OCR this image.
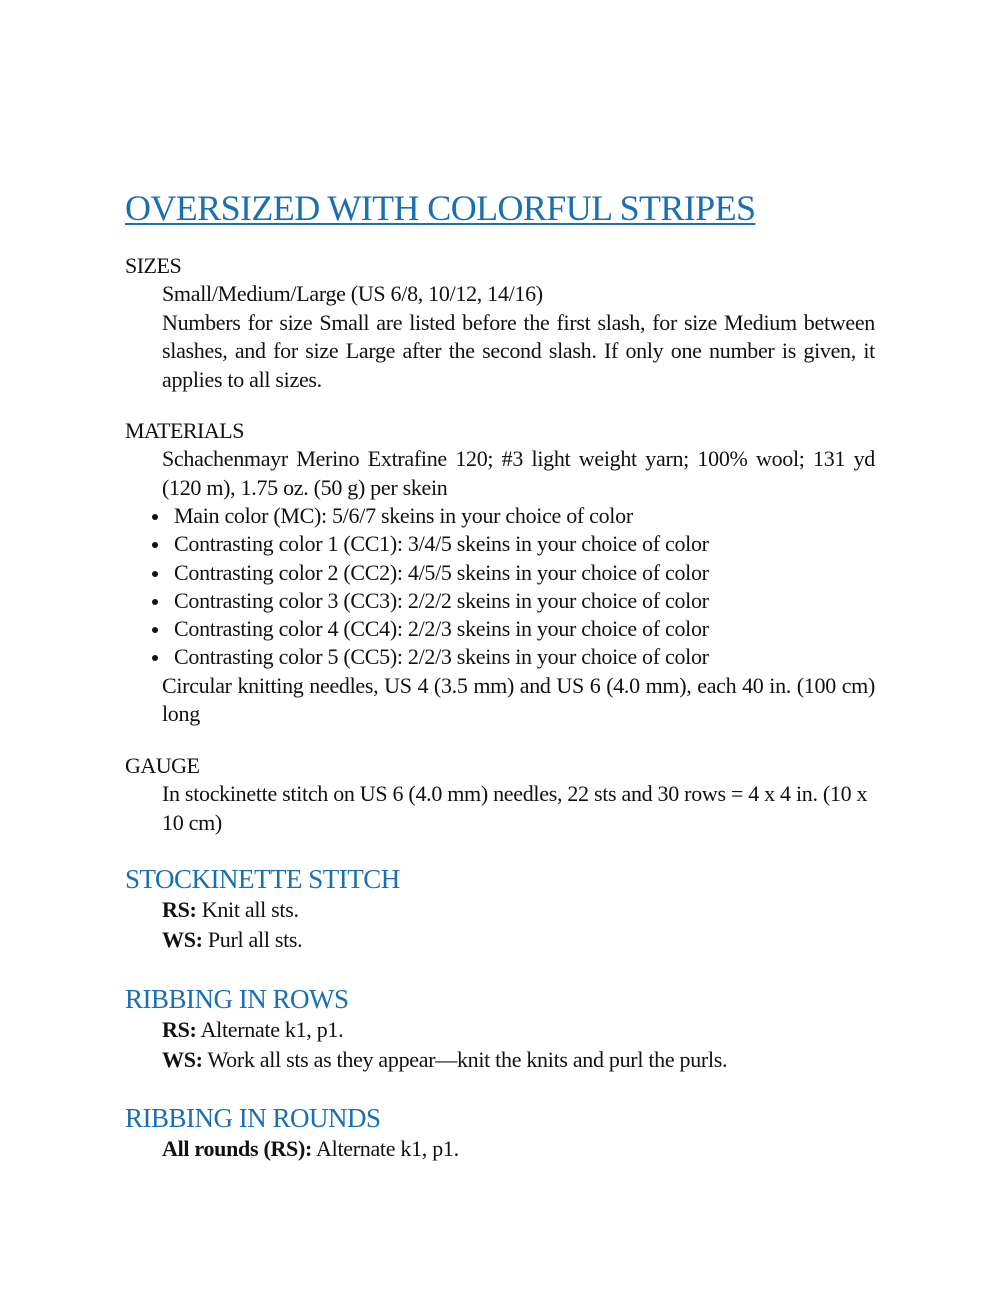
OVERSIZED WITH COLORFUL STRIPES

SIZES

Small/Medium/Large (US 6/8, 10/12, 14/16)
Numbers for size Small are listed before the first slash, for size Medium between slashes, and for size Large after the second slash. If only one number is given, it applies to all sizes.

MATERIALS

Schachenmayr Merino Extrafine 120; #3 light weight yarn; 100% wool; 131 yd (120 m), 1.75 oz. (50 g) per skein
Main color (MC): 5/6/7 skeins in your choice of color
Contrasting color 1 (CC1): 3/4/5 skeins in your choice of color
Contrasting color 2 (CC2): 4/5/5 skeins in your choice of color
Contrasting color 3 (CC3): 2/2/2 skeins in your choice of color
Contrasting color 4 (CC4): 2/2/3 skeins in your choice of color
Contrasting color 5 (CC5): 2/2/3 skeins in your choice of color
Circular knitting needles, US 4 (3.5 mm) and US 6 (4.0 mm), each 40 in. (100 cm) long

GAUGE

In stockinette stitch on US 6 (4.0 mm) needles, 22 sts and 30 rows = 4 x 4 in. (10 x 10 cm)
STOCKINETTE STITCH
RS: Knit all sts.
WS: Purl all sts.
RIBBING IN ROWS
RS: Alternate k1, p1.
WS: Work all sts as they appear—knit the knits and purl the purls.
RIBBING IN ROUNDS
All rounds (RS): Alternate k1, p1.
